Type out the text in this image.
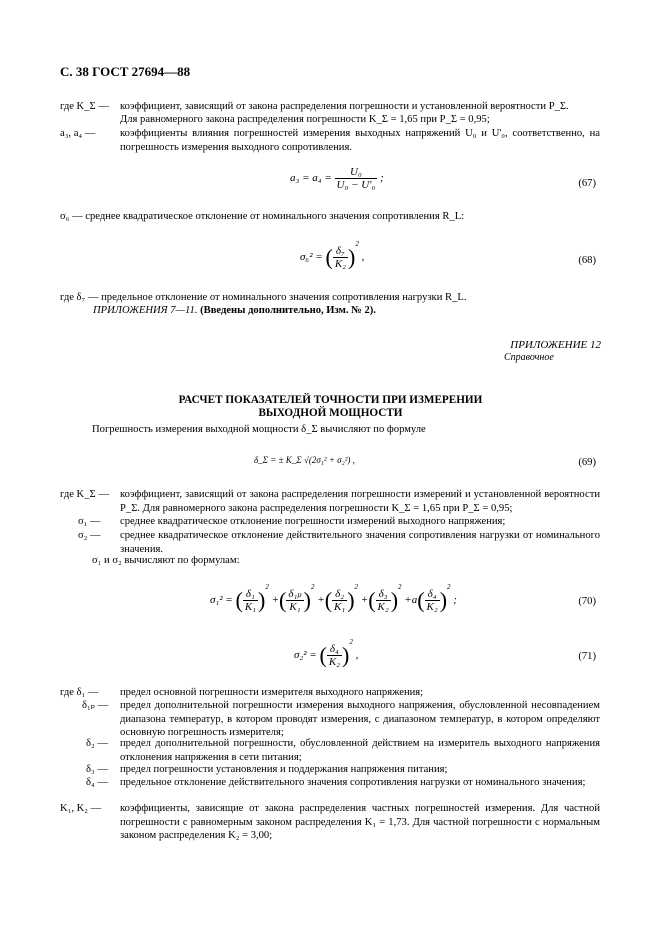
С. 38 ГОСТ 27694—88
где K_Σ — коэффициент, зависящий от закона распределения погрешности и установленной вероятности P_Σ.
Для равномерного закона распределения погрешности K_Σ = 1,65 при P_Σ = 0,95;
a₃, a₄ — коэффициенты влияния погрешностей измерения выходных напряжений U₀ и U'₀, соответственно, на погрешность измерения выходного сопротивления.
$a_3 = a_4 = \frac{\text{U₀}}{\text{U₀ − U'₀}}$ ;	(67)
σ₆ — среднее квадратическое отклонение от номинального значения сопротивления R_L:
σ₆² = ( $\frac{\text{δ₇}}{\text{K₂}} )^2$ ,	(68)
где δ₇ — предельное отклонение от номинального значения сопротивления нагрузки R_L.
ПРИЛОЖЕНИЯ 7—11. (Введены дополнительно, Изм. № 2).
ПРИЛОЖЕНИЕ 12
Справочное
РАСЧЕТ ПОКАЗАТЕЛЕЙ ТОЧНОСТИ ПРИ ИЗМЕРЕНИИ
ВЫХОДНОЙ МОЩНОСТИ
Погрешность измерения выходной мощности δ_Σ вычисляют по формуле
δ_Σ = ± K_Σ √(2σ₁² + σ₂²) ,	(69)
где K_Σ — коэффициент, зависящий от закона распределения погрешности измерений и установленной вероятности P_Σ. Для равномерного закона распределения погрешности K_Σ = 1,65 при P_Σ = 0,95;
σ₁ — среднее квадратическое отклонение погрешности измерений выходного напряжения;
σ₂ — среднее квадратическое отклонение действительного значения сопротивления нагрузки от номинального значения.
σ₁ и σ₂ вычисляют по формулам:
σ₁² = ( $\frac{\text{δ₁}}{\text{K₁}} )^2$ +( $\frac{\text{δ₁ₚ}}{\text{K₁}} )^2$ +( $\frac{\text{δ₂}}{\text{K₁}} )^2$ +( $\frac{\text{δ₃}}{\text{K₂}} )^2 +a( \frac{\text{δ₄}}{\text{K₂}} )^2$ ;	(70)
σ₂² = ( $\frac{\text{δ₄}}{\text{K₂}} )^2$ ,	(71)
где δ₁ — предел основной погрешности измерителя выходного напряжения;
δ₁ₚ — предел дополнительной погрешности измерения выходного напряжения, обусловленной несовпадением диапазона температур, в котором проводят измерения, с диапазоном температур, в котором определяют основную погрешность измерителя;
δ₂ — предел дополнительной погрешности, обусловленной действием на измеритель выходного напряжения отклонения напряжения в сети питания;
δ₃ — предел погрешности установления и поддержания напряжения питания;
δ₄ — предельное отклонение действительного значения сопротивления нагрузки от номинального значения;
K₁, K₂ — коэффициенты, зависящие от закона распределения частных погрешностей измерения. Для частной погрешности с равномерным законом распределения K₁ = 1,73. Для частной погрешности с нормальным законом распределения K₂ = 3,00;
